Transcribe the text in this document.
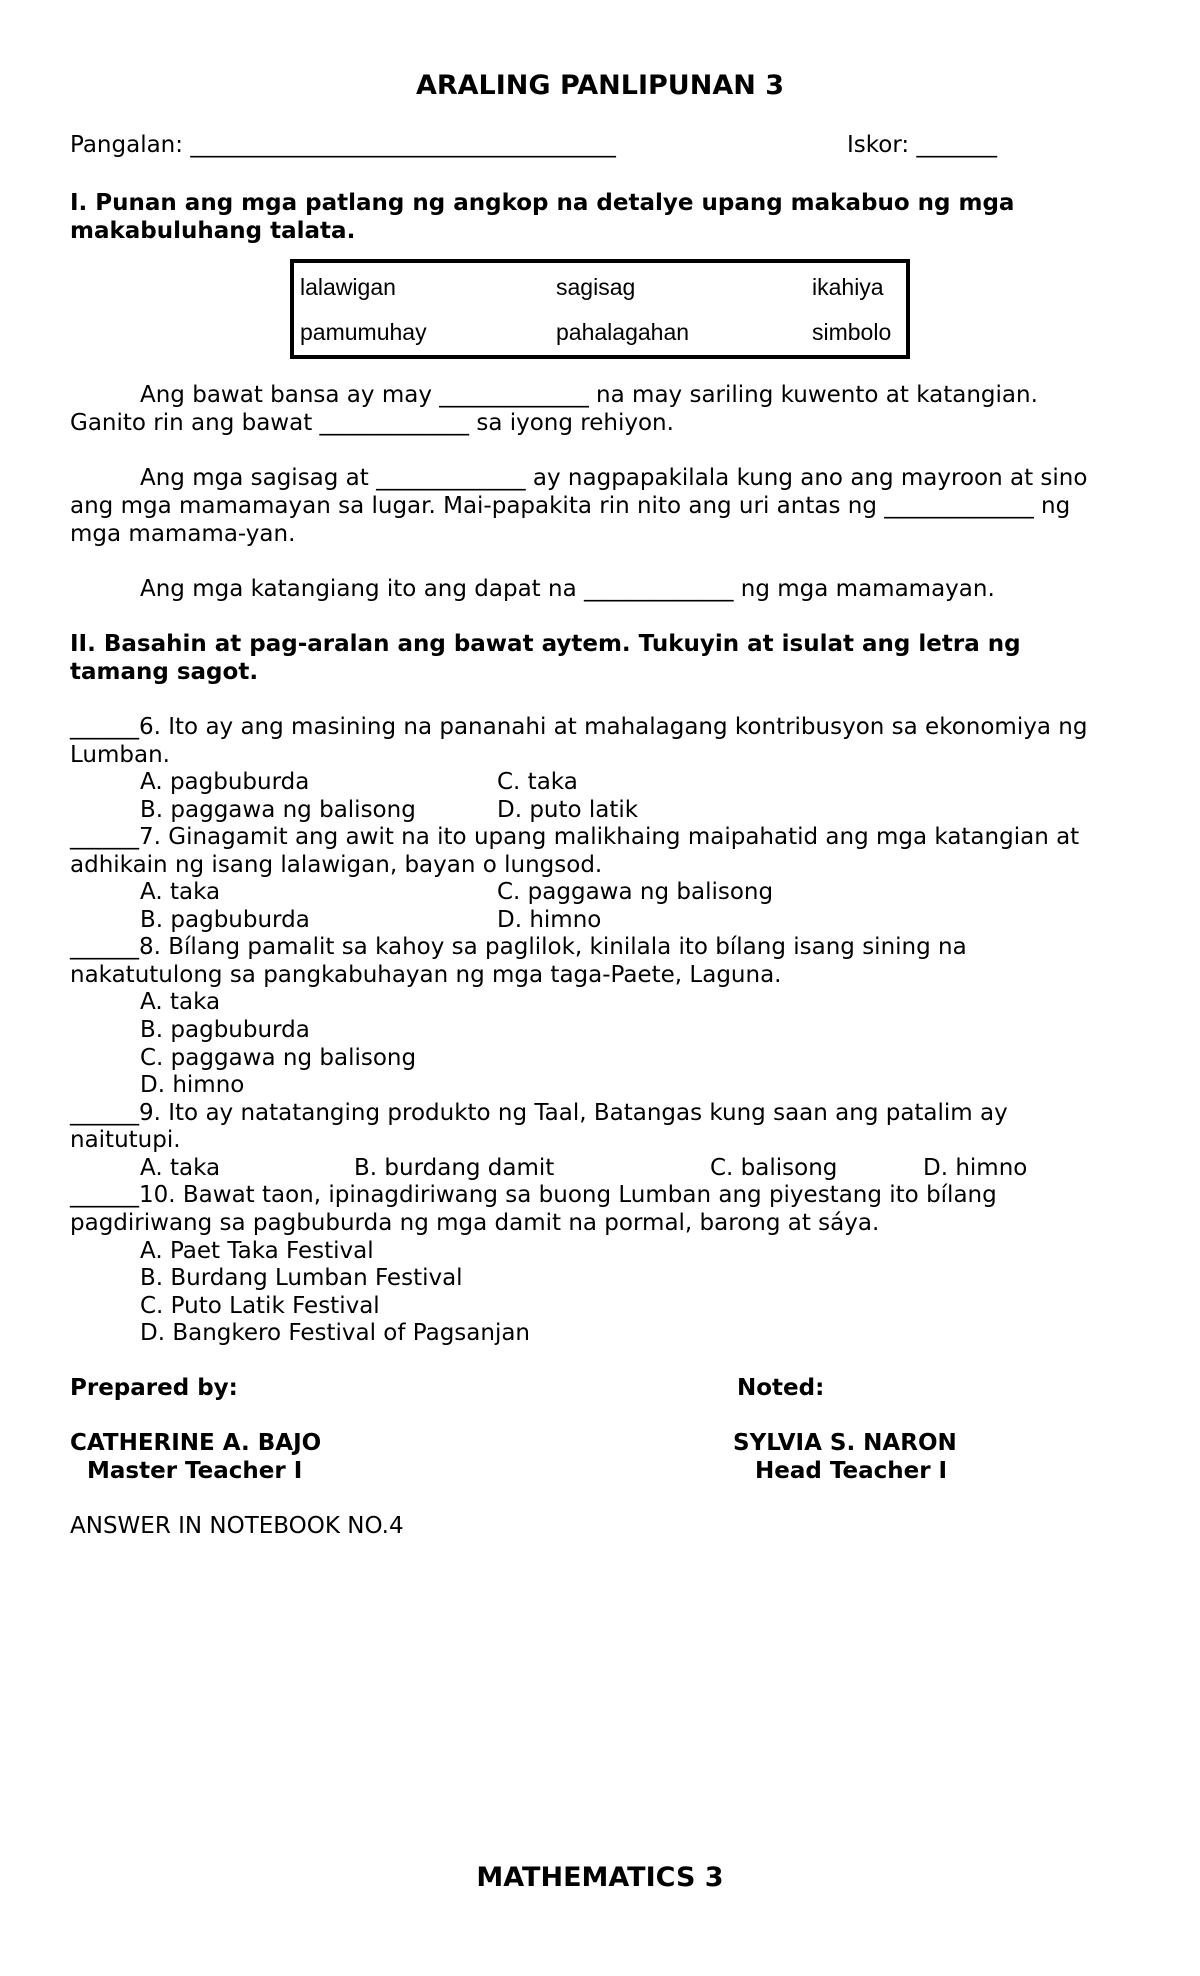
ARALING PANLIPUNAN 3
Pangalan: _____________________________________	Iskor: _______
I. Punan ang mga patlang ng angkop na detalye upang makabuo ng mga
makabuluhang talata.
lalawigan	sagisag	ikahiya
pamumuhay	pahalagahan	simbolo
Ang bawat bansa ay may _____________ na may sariling kuwento at katangian.
Ganito rin ang bawat _____________ sa iyong rehiyon.
Ang mga sagisag at _____________ ay nagpapakilala kung ano ang mayroon at sino
ang mga mamamayan sa lugar. Mai-papakita rin nito ang uri antas ng _____________ ng
mga mamama-yan.
Ang mga katangiang ito ang dapat na _____________ ng mga mamamayan.
II. Basahin at pag-aralan ang bawat aytem. Tukuyin at isulat ang letra ng
tamang sagot.
______6. Ito ay ang masining na pananahi at mahalagang kontribusyon sa ekonomiya ng
Lumban.
A. pagbuburda	C. taka
B. paggawa ng balisong	D. puto latik
______7. Ginagamit ang awit na ito upang malikhaing maipahatid ang mga katangian at
adhikain ng isang lalawigan, bayan o lungsod.
A. taka	C. paggawa ng balisong
B. pagbuburda	D. himno
______8. Bílang pamalit sa kahoy sa paglilok, kinilala ito bílang isang sining na
nakatutulong sa pangkabuhayan ng mga taga-Paete, Laguna.
A. taka
B. pagbuburda
C. paggawa ng balisong
D. himno
______9. Ito ay natatanging produkto ng Taal, Batangas kung saan ang patalim ay
naitutupi.
A. taka	B. burdang damit	C. balisong	D. himno
______10. Bawat taon, ipinagdiriwang sa buong Lumban ang piyestang ito bílang
pagdiriwang sa pagbuburda ng mga damit na pormal, barong at sáya.
A. Paet Taka Festival
B. Burdang Lumban Festival
C. Puto Latik Festival
D. Bangkero Festival of Pagsanjan
Prepared by:	Noted:
CATHERINE A. BAJO
Master Teacher I
SYLVIA S. NARON
Head Teacher I
ANSWER IN NOTEBOOK NO.4
MATHEMATICS 3
